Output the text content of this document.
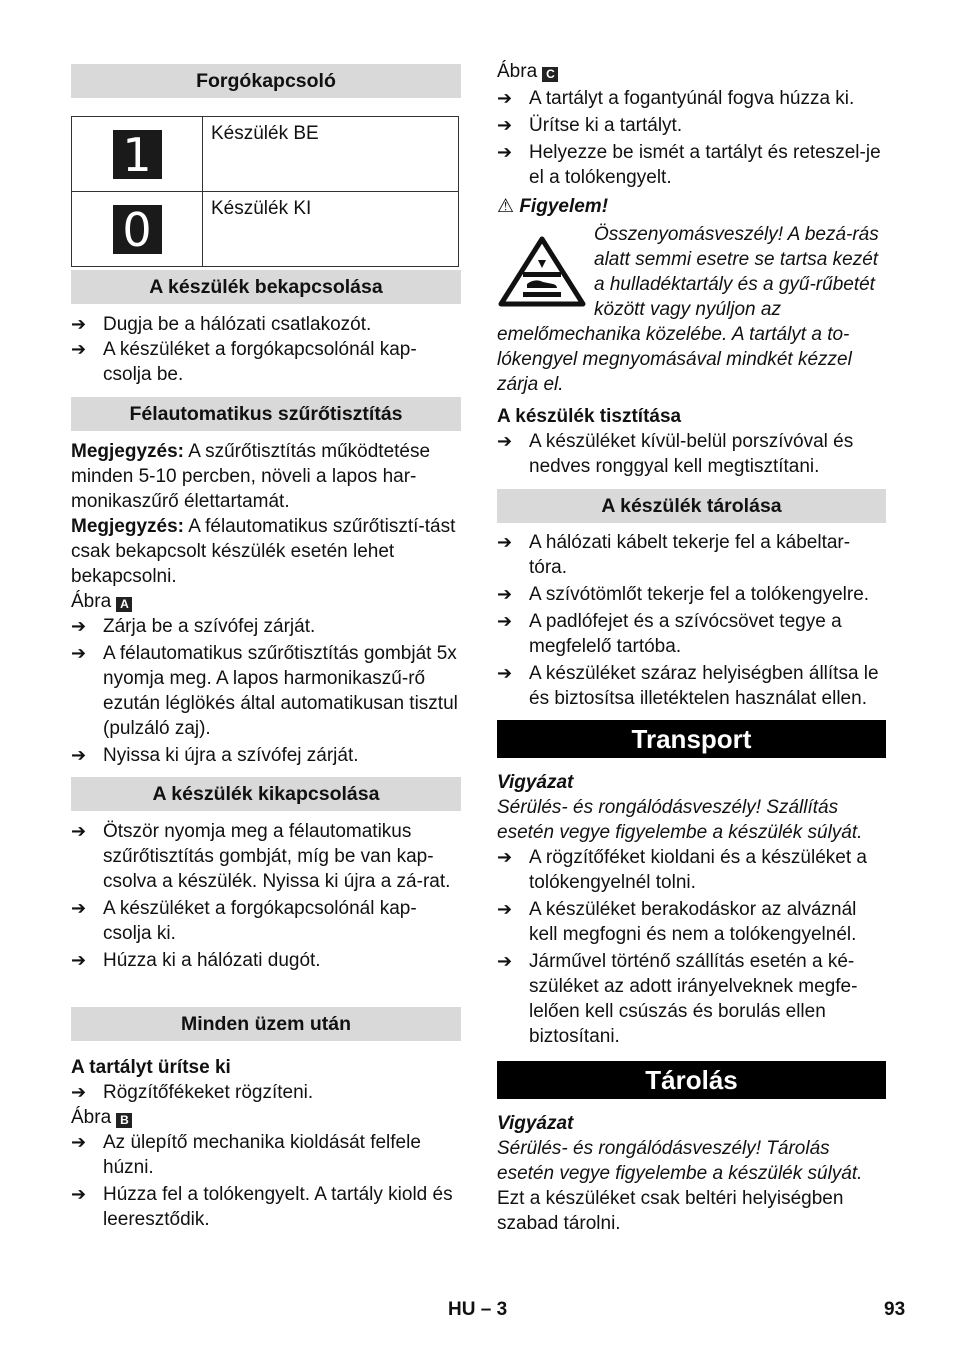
Forgókapcsoló
1	Készülék BE
0	Készülék KI
A készülék bekapcsolása
➔ Dugja be a hálózati csatlakozót.
➔ A készüléket a forgókapcsolónál kap-csolja be.
Félautomatikus szűrőtisztítás
Megjegyzés: A szűrőtisztítás működtetése minden 5-10 percben, növeli a lapos har-monikaszűrő élettartamát.
Megjegyzés: A félautomatikus szűrőtisztí-tást csak bekapcsolt készülék esetén lehet bekapcsolni.
Ábra A
➔ Zárja be a szívófej zárját.
➔ A félautomatikus szűrőtisztítás gombját 5x nyomja meg. A lapos harmonikaszű-rő ezután léglökés által automatikusan tisztul (pulzáló zaj).
➔ Nyissa ki újra a szívófej zárját.
A készülék kikapcsolása
➔ Ötször nyomja meg a félautomatikus szűrőtisztítás gombját, míg be van kap-csolva a készülék. Nyissa ki újra a zá-rat.
➔ A készüléket a forgókapcsolónál kap-csolja ki.
➔ Húzza ki a hálózati dugót.
Minden üzem után
A tartályt ürítse ki
➔ Rögzítőfékeket rögzíteni.
Ábra B
➔ Az ülepítő mechanika kioldását felfele húzni.
➔ Húzza fel a tolókengyelt. A tartály kiold és leeresztődik.
Ábra C
➔ A tartályt a fogantyúnál fogva húzza ki.
➔ Ürítse ki a tartályt.
➔ Helyezze be ismét a tartályt és reteszel-je el a tolókengyelt.
⚠ Figyelem!
Összenyomásveszély! A bezá-rás alatt semmi esetre se tartsa kezét a hulladéktartály és a gyű-rűbetét között vagy nyúljon az
emelőmechanika közelébe. A tartályt a to-lókengyel megnyomásával mindkét kézzel zárja el.
A készülék tisztítása
➔ A készüléket kívül-belül porszívóval és nedves ronggyal kell megtisztítani.
A készülék tárolása
➔ A hálózati kábelt tekerje fel a kábeltar-tóra.
➔ A szívótömlőt tekerje fel a tolókengyelre.
➔ A padlófejet és a szívócsövet tegye a megfelelő tartóba.
➔ A készüléket száraz helyiségben állítsa le és biztosítsa illetéktelen használat ellen.
Transport
Vigyázat
Sérülés- és rongálódásveszély! Szállítás esetén vegye figyelembe a készülék súlyát.
➔ A rögzítőféket kioldani és a készüléket a tolókengyelnél tolni.
➔ A készüléket berakodáskor az alváznál kell megfogni és nem a tolókengyelnél.
➔ Járművel történő szállítás esetén a ké-szüléket az adott irányelveknek megfe-lelően kell csúszás és borulás ellen biztosítani.
Tárolás
Vigyázat
Sérülés- és rongálódásveszély! Tárolás esetén vegye figyelembe a készülék súlyát.
Ezt a készüléket csak beltéri helyiségben szabad tárolni.
HU – 3	93
